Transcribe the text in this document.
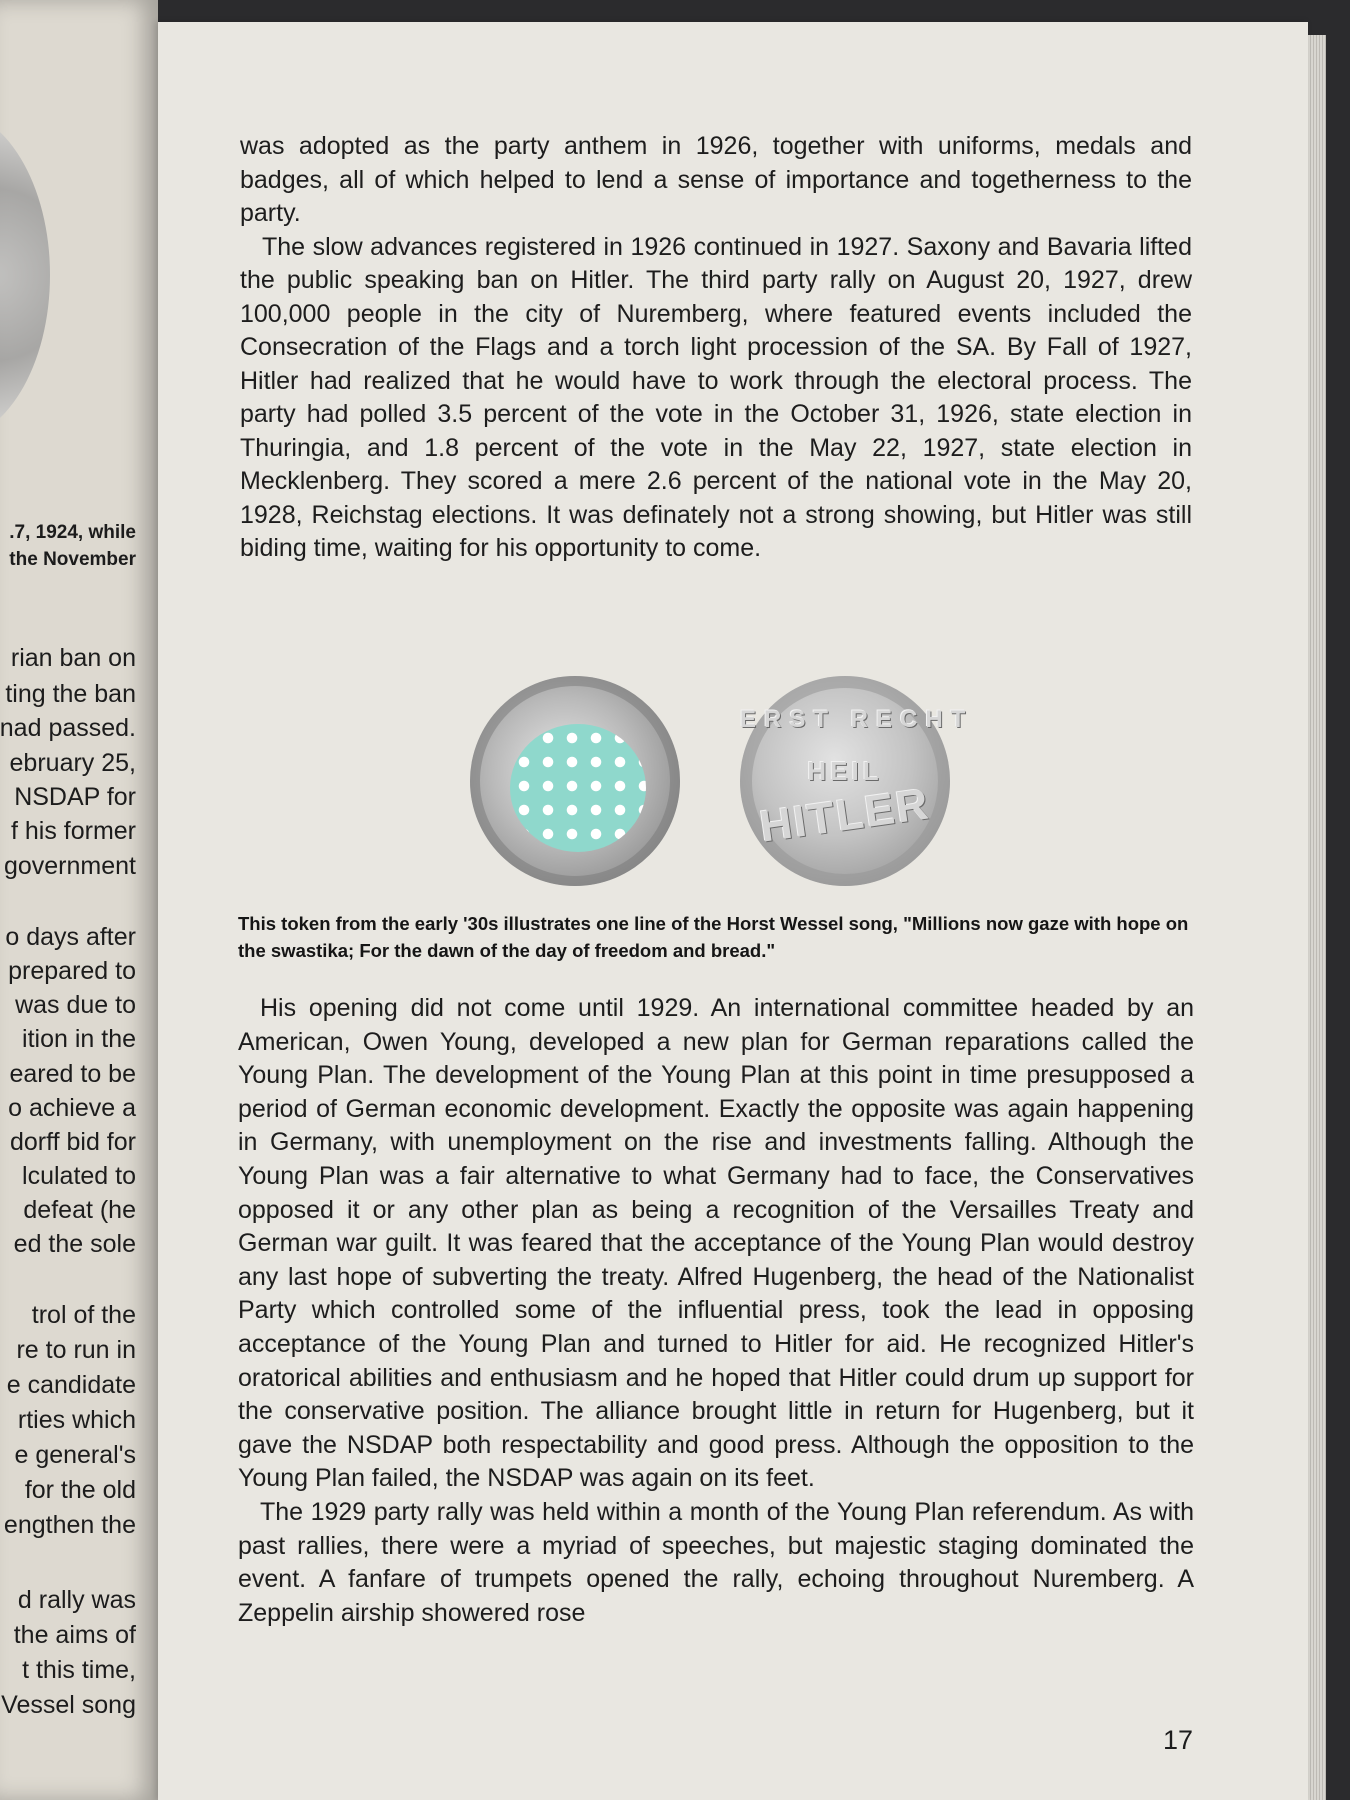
.7, 1924, while
the November
rian ban on
ting the ban
nad passed.
ebruary 25,
NSDAP for
f his former
government
o days after
prepared to
was due to
ition in the
eared to be
o achieve a
dorff bid for
lculated to
defeat (he
ed the sole
trol of the
re to run in
e candidate
rties which
e general's
for the old
engthen the
d rally was
the aims of
t this time,
Vessel song

was adopted as the party anthem in 1926, together with uniforms, medals and badges, all of which helped to lend a sense of importance and togetherness to the party.

The slow advances registered in 1926 continued in 1927. Saxony and Bavaria lifted the public speaking ban on Hitler. The third party rally on August 20, 1927, drew 100,000 people in the city of Nuremberg, where featured events included the Consecration of the Flags and a torch light procession of the SA. By Fall of 1927, Hitler had realized that he would have to work through the electoral process. The party had polled 3.5 percent of the vote in the October 31, 1926, state election in Thuringia, and 1.8 percent of the vote in the May 22, 1927, state election in Mecklenberg. They scored a mere 2.6 percent of the national vote in the May 20, 1928, Reichstag elections. It was definately not a strong showing, but Hitler was still biding time, waiting for his opportunity to come.

ERST RECHT
HEIL
HITLER
This token from the early '30s illustrates one line of the Horst Wessel song, "Millions now gaze with hope on the swastika; For the dawn of the day of freedom and bread."

His opening did not come until 1929. An international committee headed by an American, Owen Young, developed a new plan for German reparations called the Young Plan. The development of the Young Plan at this point in time presupposed a period of German economic development. Exactly the opposite was again happening in Germany, with unemployment on the rise and investments falling. Although the Young Plan was a fair alternative to what Germany had to face, the Conservatives opposed it or any other plan as being a recognition of the Versailles Treaty and German war guilt. It was feared that the acceptance of the Young Plan would destroy any last hope of subverting the treaty. Alfred Hugenberg, the head of the Nationalist Party which controlled some of the influential press, took the lead in opposing acceptance of the Young Plan and turned to Hitler for aid. He recognized Hitler's oratorical abilities and enthusiasm and he hoped that Hitler could drum up support for the conservative position. The alliance brought little in return for Hugenberg, but it gave the NSDAP both respectability and good press. Although the opposition to the Young Plan failed, the NSDAP was again on its feet.

The 1929 party rally was held within a month of the Young Plan referendum. As with past rallies, there were a myriad of speeches, but majestic staging dominated the event. A fanfare of trumpets opened the rally, echoing throughout Nuremberg. A Zeppelin airship showered rose

17
